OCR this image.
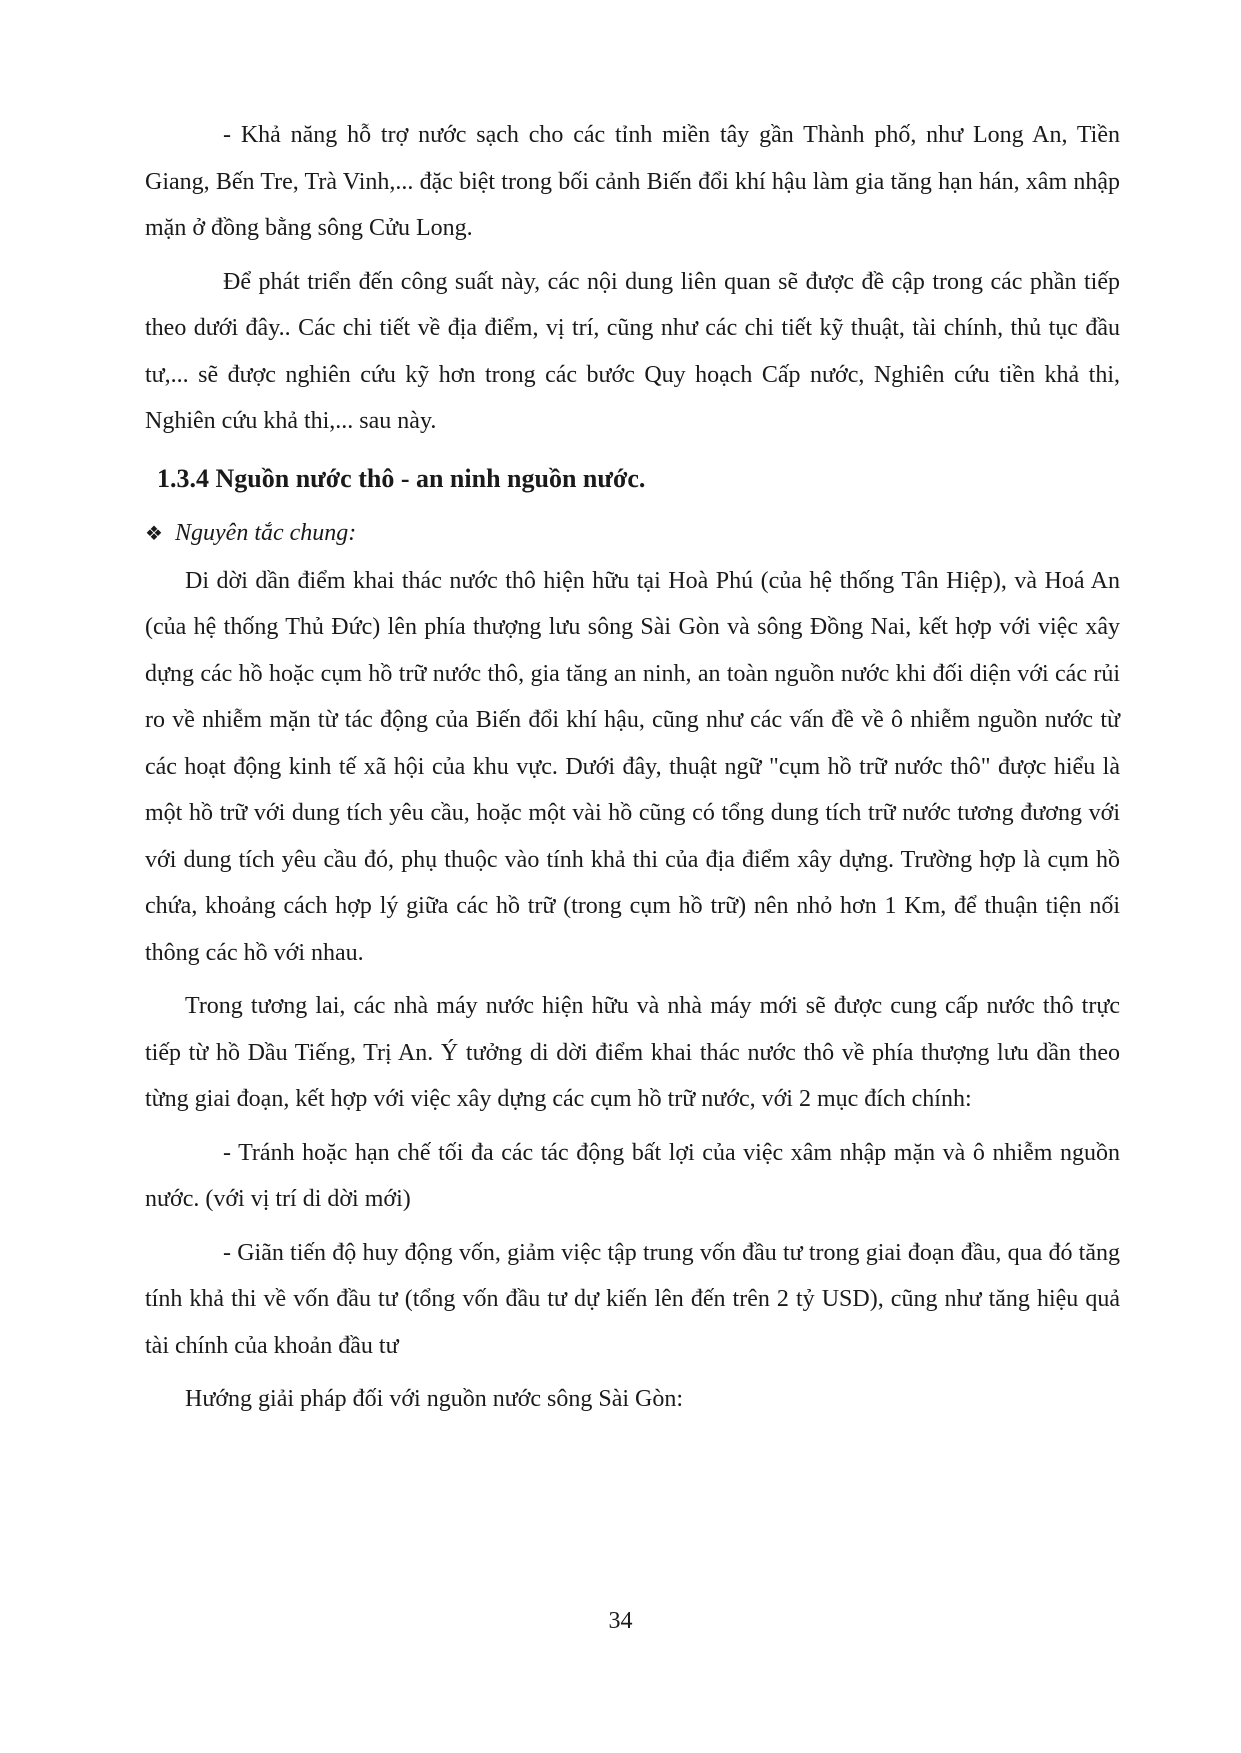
- Khả năng hỗ trợ nước sạch cho các tỉnh miền tây gần Thành phố, như Long An, Tiền Giang, Bến Tre, Trà Vinh,... đặc biệt trong bối cảnh Biến đổi khí hậu làm gia tăng hạn hán, xâm nhập mặn ở đồng bằng sông Cửu Long.

Để phát triển đến công suất này, các nội dung liên quan sẽ được đề cập trong các phần tiếp theo dưới đây.. Các chi tiết về địa điểm, vị trí, cũng như các chi tiết kỹ thuật, tài chính, thủ tục đầu tư,... sẽ được nghiên cứu kỹ hơn trong các bước Quy hoạch Cấp nước, Nghiên cứu tiền khả thi, Nghiên cứu khả thi,... sau này.

1.3.4 Nguồn nước thô - an ninh nguồn nước.
❖ Nguyên tắc chung:

Di dời dần điểm khai thác nước thô hiện hữu tại Hoà Phú (của hệ thống Tân Hiệp), và Hoá An (của hệ thống Thủ Đức) lên phía thượng lưu sông Sài Gòn và sông Đồng Nai, kết hợp với việc xây dựng các hồ hoặc cụm hồ trữ nước thô, gia tăng an ninh, an toàn nguồn nước khi đối diện với các rủi ro về nhiễm mặn từ tác động của Biến đổi khí hậu, cũng như các vấn đề về ô nhiễm nguồn nước từ các hoạt động kinh tế xã hội của khu vực. Dưới đây, thuật ngữ "cụm hồ trữ nước thô" được hiểu là một hồ trữ với dung tích yêu cầu, hoặc một vài hồ cũng có tổng dung tích trữ nước tương đương với với dung tích yêu cầu đó, phụ thuộc vào tính khả thi của địa điểm xây dựng. Trường hợp là cụm hồ chứa, khoảng cách hợp lý giữa các hồ trữ (trong cụm hồ trữ) nên nhỏ hơn 1 Km, để thuận tiện nối thông các hồ với nhau.

Trong tương lai, các nhà máy nước hiện hữu và nhà máy mới sẽ được cung cấp nước thô trực tiếp từ hồ Dầu Tiếng, Trị An. Ý tưởng di dời điểm khai thác nước thô về phía thượng lưu dần theo từng giai đoạn, kết hợp với việc xây dựng các cụm hồ trữ nước, với 2 mục đích chính:

- Tránh hoặc hạn chế tối đa các tác động bất lợi của việc xâm nhập mặn và ô nhiễm nguồn nước. (với vị trí di dời mới)

- Giãn tiến độ huy động vốn, giảm việc tập trung vốn đầu tư trong giai đoạn đầu, qua đó tăng tính khả thi về vốn đầu tư (tổng vốn đầu tư dự kiến lên đến trên 2 tỷ USD), cũng như tăng hiệu quả tài chính của khoản đầu tư

Hướng giải pháp đối với nguồn nước sông Sài Gòn:

34
